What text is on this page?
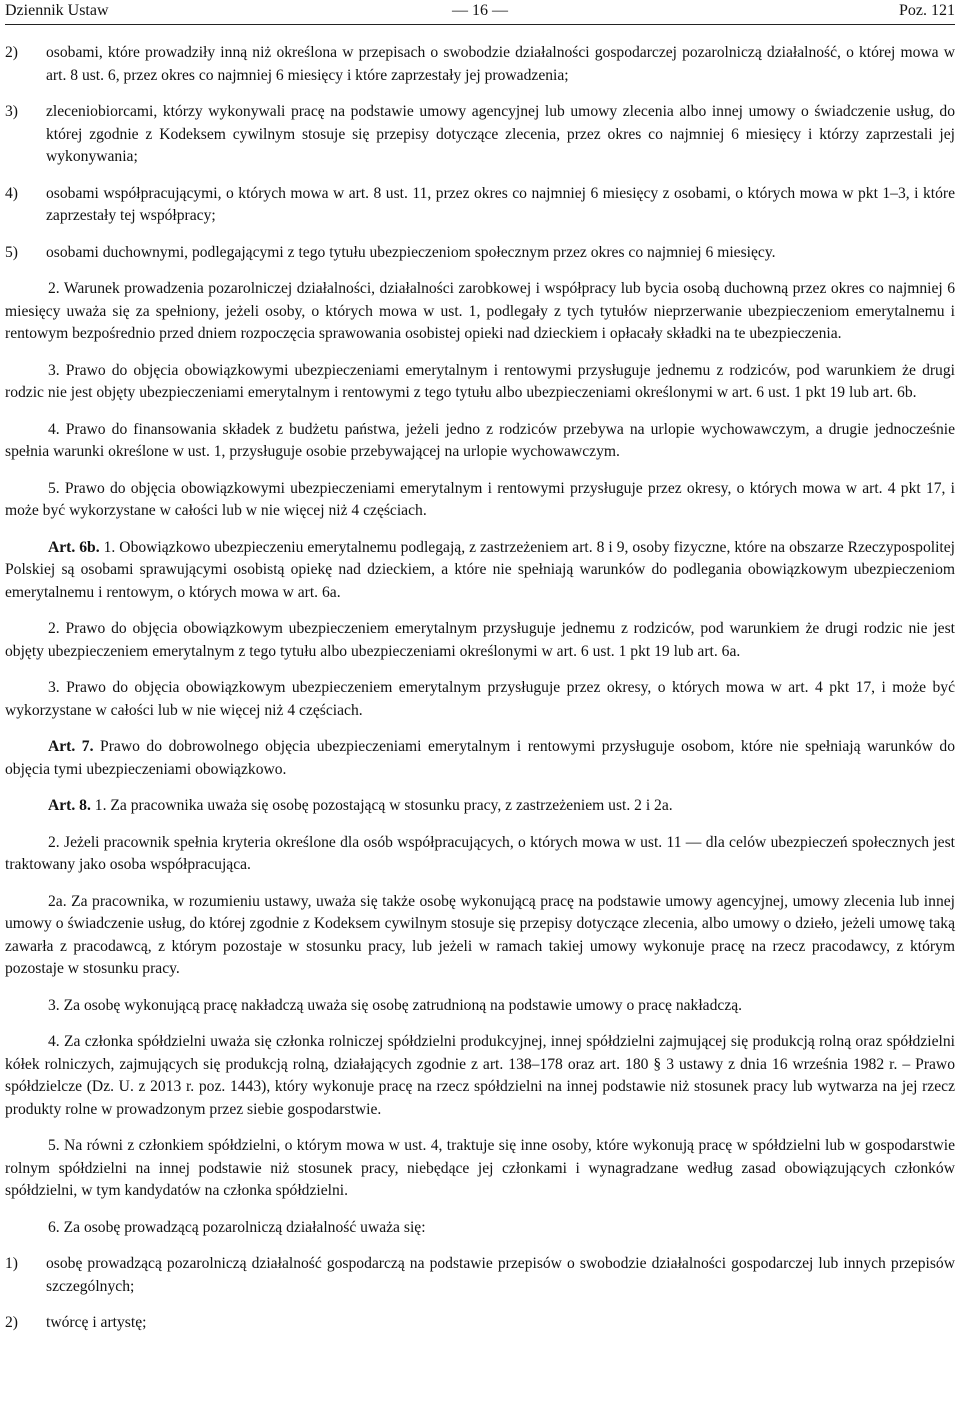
Dziennik Ustaw	— 16 —	Poz. 121
2) osobami, które prowadziły inną niż określona w przepisach o swobodzie działalności gospodarczej pozarolniczą działalność, o której mowa w art. 8 ust. 6, przez okres co najmniej 6 miesięcy i które zaprzestały jej prowadzenia;
3) zleceniobiorcami, którzy wykonywali pracę na podstawie umowy agencyjnej lub umowy zlecenia albo innej umowy o świadczenie usług, do której zgodnie z Kodeksem cywilnym stosuje się przepisy dotyczące zlecenia, przez okres co najmniej 6 miesięcy i którzy zaprzestali jej wykonywania;
4) osobami współpracującymi, o których mowa w art. 8 ust. 11, przez okres co najmniej 6 miesięcy z osobami, o których mowa w pkt 1–3, i które zaprzestały tej współpracy;
5) osobami duchownymi, podlegającymi z tego tytułu ubezpieczeniom społecznym przez okres co najmniej 6 miesięcy.

2. Warunek prowadzenia pozarolniczej działalności, działalności zarobkowej i współpracy lub bycia osobą duchowną przez okres co najmniej 6 miesięcy uważa się za spełniony, jeżeli osoby, o których mowa w ust. 1, podlegały z tych tytułów nieprzerwanie ubezpieczeniom emerytalnemu i rentowym bezpośrednio przed dniem rozpoczęcia sprawowania osobistej opieki nad dzieckiem i opłacały składki na te ubezpieczenia.

3. Prawo do objęcia obowiązkowymi ubezpieczeniami emerytalnym i rentowymi przysługuje jednemu z rodziców, pod warunkiem że drugi rodzic nie jest objęty ubezpieczeniami emerytalnym i rentowymi z tego tytułu albo ubezpieczeniami określonymi w art. 6 ust. 1 pkt 19 lub art. 6b.

4. Prawo do finansowania składek z budżetu państwa, jeżeli jedno z rodziców przebywa na urlopie wychowawczym, a drugie jednocześnie spełnia warunki określone w ust. 1, przysługuje osobie przebywającej na urlopie wychowawczym.

5. Prawo do objęcia obowiązkowymi ubezpieczeniami emerytalnym i rentowymi przysługuje przez okresy, o których mowa w art. 4 pkt 17, i może być wykorzystane w całości lub w nie więcej niż 4 częściach.

Art. 6b. 1. Obowiązkowo ubezpieczeniu emerytalnemu podlegają, z zastrzeżeniem art. 8 i 9, osoby fizyczne, które na obszarze Rzeczypospolitej Polskiej są osobami sprawującymi osobistą opiekę nad dzieckiem, a które nie spełniają warunków do podlegania obowiązkowym ubezpieczeniom emerytalnemu i rentowym, o których mowa w art. 6a.

2. Prawo do objęcia obowiązkowym ubezpieczeniem emerytalnym przysługuje jednemu z rodziców, pod warunkiem że drugi rodzic nie jest objęty ubezpieczeniem emerytalnym z tego tytułu albo ubezpieczeniami określonymi w art. 6 ust. 1 pkt 19 lub art. 6a.

3. Prawo do objęcia obowiązkowym ubezpieczeniem emerytalnym przysługuje przez okresy, o których mowa w art. 4 pkt 17, i może być wykorzystane w całości lub w nie więcej niż 4 częściach.

Art. 7. Prawo do dobrowolnego objęcia ubezpieczeniami emerytalnym i rentowymi przysługuje osobom, które nie spełniają warunków do objęcia tymi ubezpieczeniami obowiązkowo.

Art. 8. 1. Za pracownika uważa się osobę pozostającą w stosunku pracy, z zastrzeżeniem ust. 2 i 2a.

2. Jeżeli pracownik spełnia kryteria określone dla osób współpracujących, o których mowa w ust. 11 — dla celów ubezpieczeń społecznych jest traktowany jako osoba współpracująca.

2a. Za pracownika, w rozumieniu ustawy, uważa się także osobę wykonującą pracę na podstawie umowy agencyjnej, umowy zlecenia lub innej umowy o świadczenie usług, do której zgodnie z Kodeksem cywilnym stosuje się przepisy dotyczące zlecenia, albo umowy o dzieło, jeżeli umowę taką zawarła z pracodawcą, z którym pozostaje w stosunku pracy, lub jeżeli w ramach takiej umowy wykonuje pracę na rzecz pracodawcy, z którym pozostaje w stosunku pracy.

3. Za osobę wykonującą pracę nakładczą uważa się osobę zatrudnioną na podstawie umowy o pracę nakładczą.

4. Za członka spółdzielni uważa się członka rolniczej spółdzielni produkcyjnej, innej spółdzielni zajmującej się produkcją rolną oraz spółdzielni kółek rolniczych, zajmujących się produkcją rolną, działających zgodnie z art. 138–178 oraz art. 180 § 3 ustawy z dnia 16 września 1982 r. – Prawo spółdzielcze (Dz. U. z 2013 r. poz. 1443), który wykonuje pracę na rzecz spółdzielni na innej podstawie niż stosunek pracy lub wytwarza na jej rzecz produkty rolne w prowadzonym przez siebie gospodarstwie.

5. Na równi z członkiem spółdzielni, o którym mowa w ust. 4, traktuje się inne osoby, które wykonują pracę w spółdzielni lub w gospodarstwie rolnym spółdzielni na innej podstawie niż stosunek pracy, niebędące jej członkami i wynagradzane według zasad obowiązujących członków spółdzielni, w tym kandydatów na członka spółdzielni.

6. Za osobę prowadzącą pozarolniczą działalność uważa się:

1) osobę prowadzącą pozarolniczą działalność gospodarczą na podstawie przepisów o swobodzie działalności gospodarczej lub innych przepisów szczególnych;
2) twórcę i artystę;
